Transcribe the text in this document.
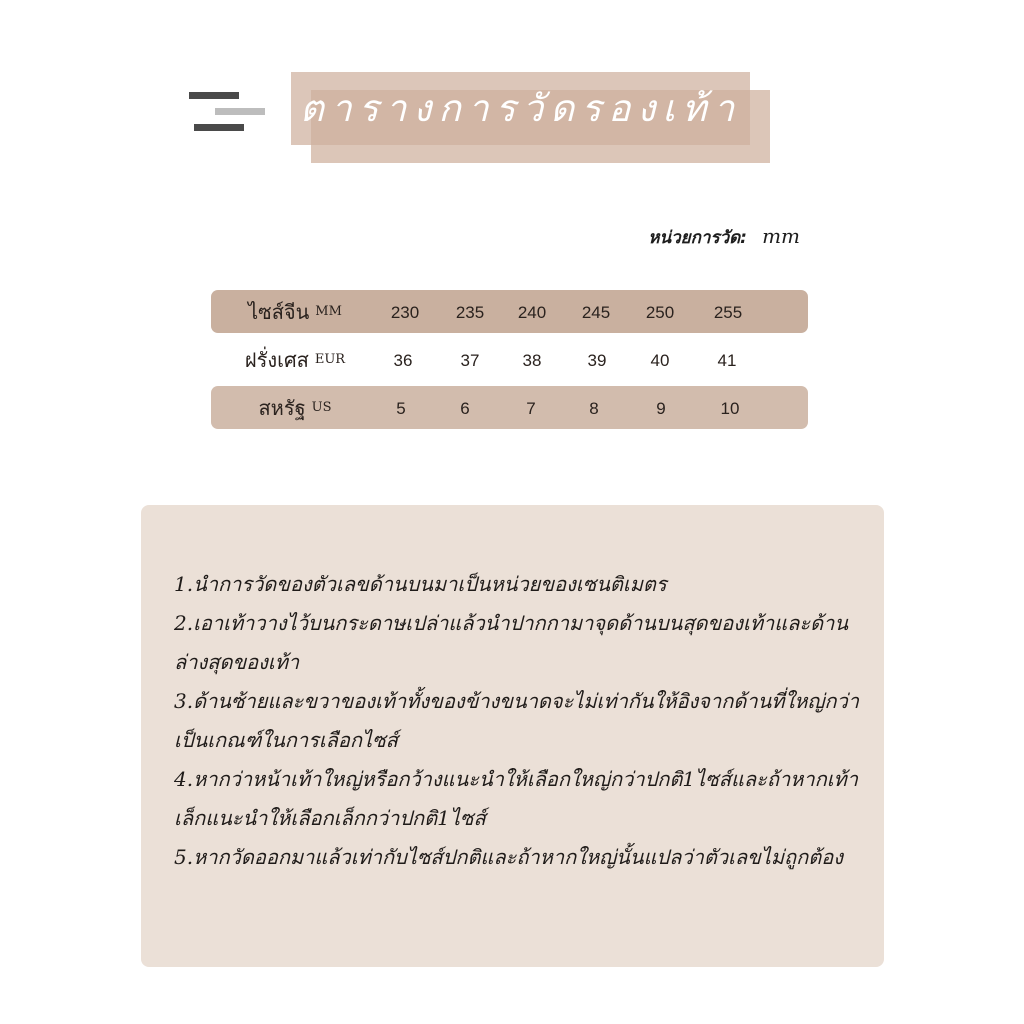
ตารางการวัดรองเท้า
หน่วยการวัด: mm
ไซส์จีน MM	230	235	240	245	250	255
ฝรั่งเศส EUR	36	37	38	39	40	41
สหรัฐ US	5	6	7	8	9	10
1.นำการวัดของตัวเลขด้านบนมาเป็นหน่วยของเซนติเมตร
2.เอาเท้าวางไว้บนกระดาษเปล่าแล้วนำปากกามาจุดด้านบนสุดของเท้าและด้านล่างสุดของเท้า
3.ด้านซ้ายและขวาของเท้าทั้งของข้างขนาดจะไม่เท่ากันให้อิงจากด้านที่ใหญ่กว่าเป็นเกณฑ์ในการเลือกไซส์
4.หากว่าหน้าเท้าใหญ่หรือกว้างแนะนำให้เลือกใหญ่กว่าปกติ1ไซส์และถ้าหากเท้าเล็กแนะนำให้เลือกเล็กกว่าปกติ1ไซส์
5.หากวัดออกมาแล้วเท่ากับไซส์ปกติและถ้าหากใหญ่นั้นแปลว่าตัวเลขไม่ถูกต้อง
